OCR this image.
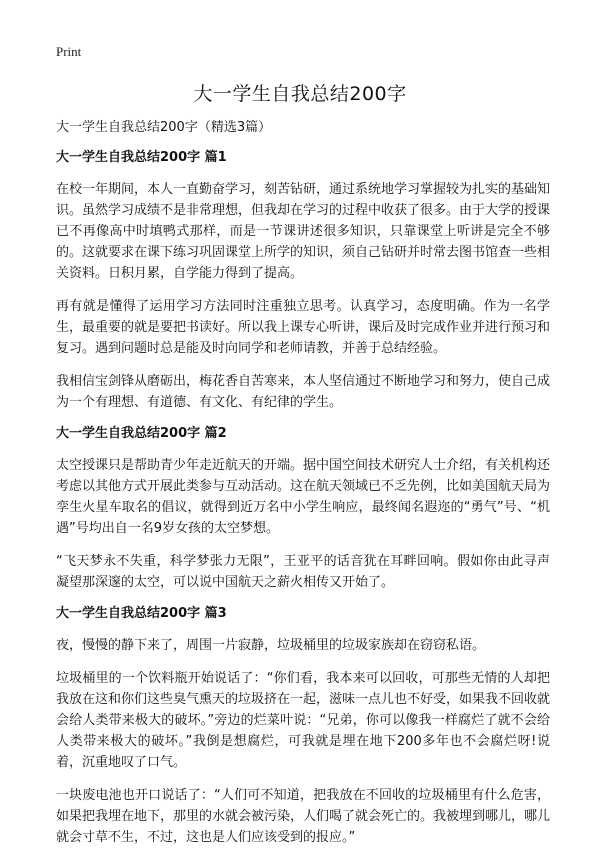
Print
大一学生自我总结200字
大一学生自我总结200字（精选3篇）
大一学生自我总结200字 篇1

在校一年期间，本人一直勤奋学习，刻苦钻研，通过系统地学习掌握较为扎实的基础知识。虽然学习成绩不是非常理想，但我却在学习的过程中收获了很多。由于大学的授课已不再像高中时填鸭式那样，而是一节课讲述很多知识，只靠课堂上听讲是完全不够的。这就要求在课下练习巩固课堂上所学的知识，须自己钻研并时常去图书馆查一些相关资料。日积月累，自学能力得到了提高。

再有就是懂得了运用学习方法同时注重独立思考。认真学习，态度明确。作为一名学生，最重要的就是要把书读好。所以我上课专心听讲，课后及时完成作业并进行预习和复习。遇到问题时总是能及时向同学和老师请教，并善于总结经验。

我相信宝剑锋从磨砺出，梅花香自苦寒来，本人坚信通过不断地学习和努力，使自己成为一个有理想、有道德、有文化、有纪律的学生。

大一学生自我总结200字 篇2

太空授课只是帮助青少年走近航天的开端。据中国空间技术研究人士介绍，有关机构还考虑以其他方式开展此类参与互动活动。这在航天领域已不乏先例，比如美国航天局为孪生火星车取名的倡议，就得到近万名中小学生响应，最终闻名遐迩的“勇气”号、“机遇”号均出自一名9岁女孩的太空梦想。

“飞天梦永不失重，科学梦张力无限”，王亚平的话音犹在耳畔回响。假如你由此寻声凝望那深邃的太空，可以说中国航天之薪火相传又开始了。

大一学生自我总结200字 篇3

夜，慢慢的静下来了，周围一片寂静，垃圾桶里的垃圾家族却在窃窃私语。

垃圾桶里的一个饮料瓶开始说话了：“你们看，我本来可以回收，可那些无情的人却把我放在这和你们这些臭气熏天的垃圾挤在一起，滋味一点儿也不好受，如果我不回收就会给人类带来极大的破坏。”旁边的烂菜叶说：“兄弟，你可以像我一样腐烂了就不会给人类带来极大的破坏。”我倒是想腐烂，可我就是埋在地下200多年也不会腐烂呀!说着，沉重地叹了口气。

一块废电池也开口说话了：“人们可不知道，把我放在不回收的垃圾桶里有什么危害，如果把我埋在地下，那里的水就会被污染，人们喝了就会死亡的。我被埋到哪儿，哪儿就会寸草不生，不过，这也是人们应该受到的报应。”
